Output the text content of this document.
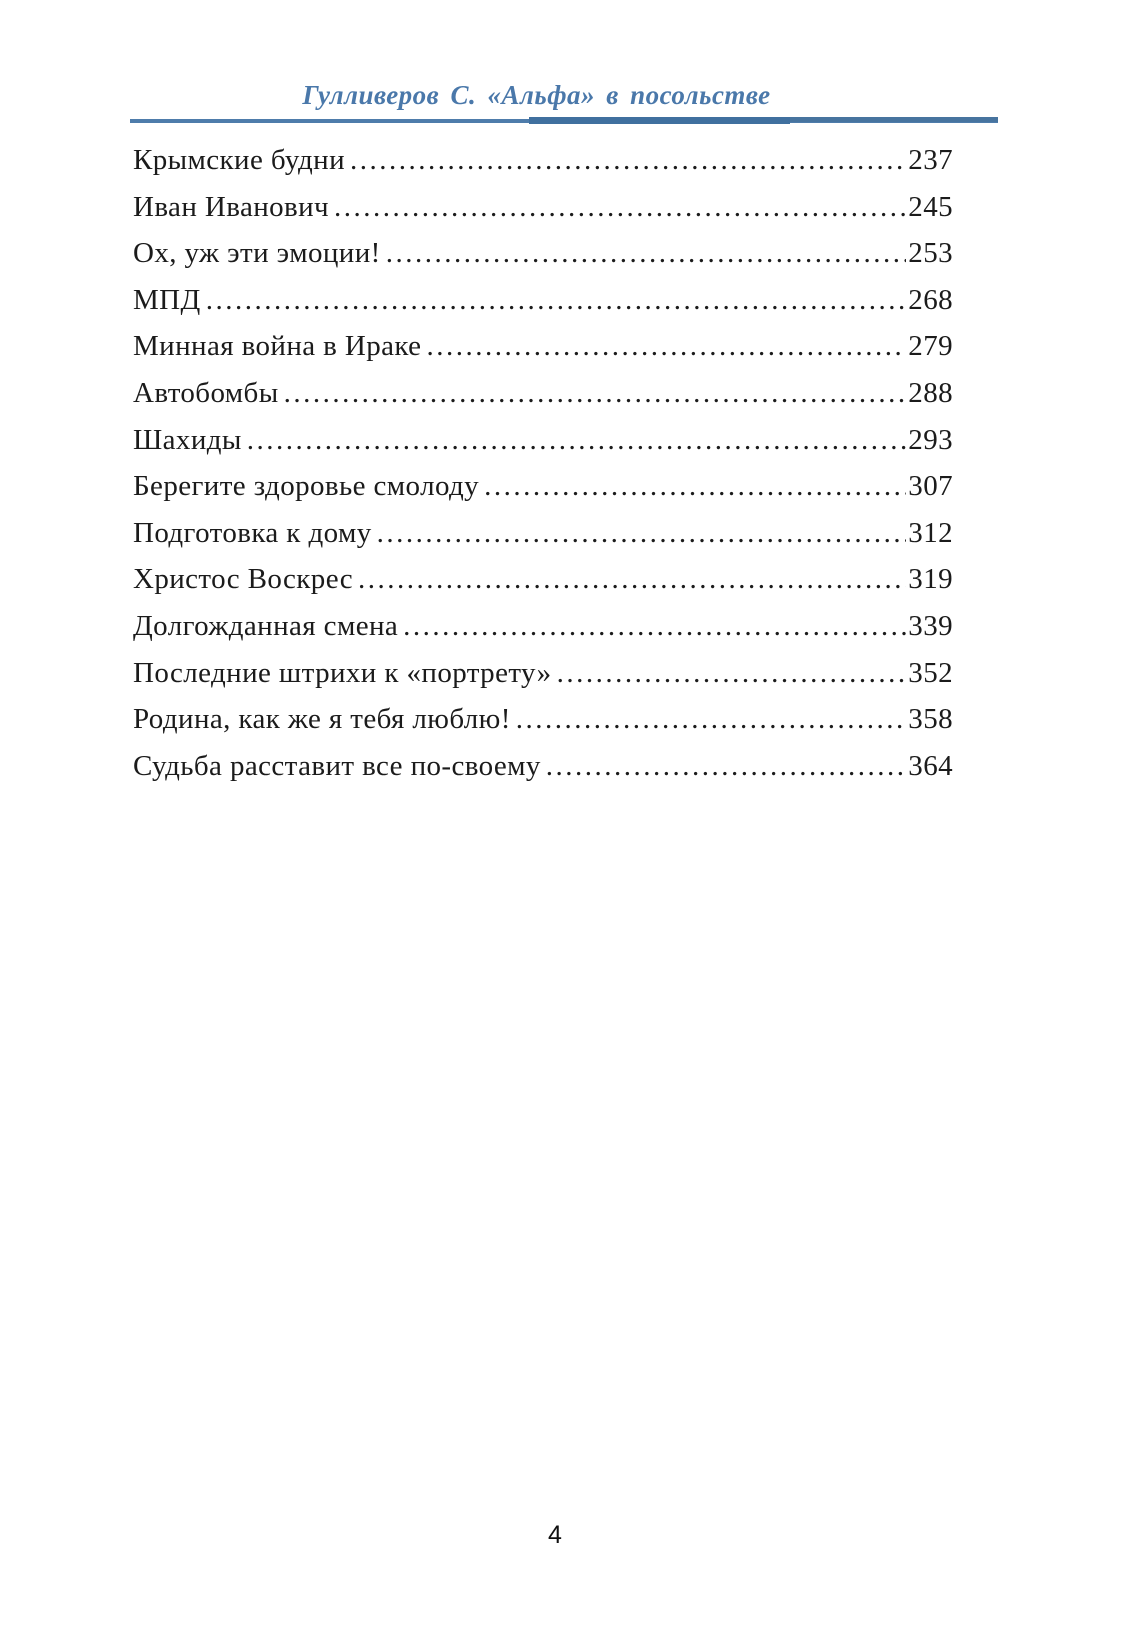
Гулливеров С. «Альфа» в посольстве
Крымские будни .....	237
Иван Иванович .....	245
Ох, уж эти эмоции! .....	253
МПД .....	268
Минная война в Ираке .....	279
Автобомбы .....	288
Шахиды .....	293
Берегите здоровье смолоду .....	307
Подготовка к дому .....	312
Христос Воскрес .....	319
Долгожданная смена .....	339
Последние штрихи к «портрету» .....	352
Родина, как же я тебя люблю! .....	358
Судьба расставит все по-своему .....	364
4
